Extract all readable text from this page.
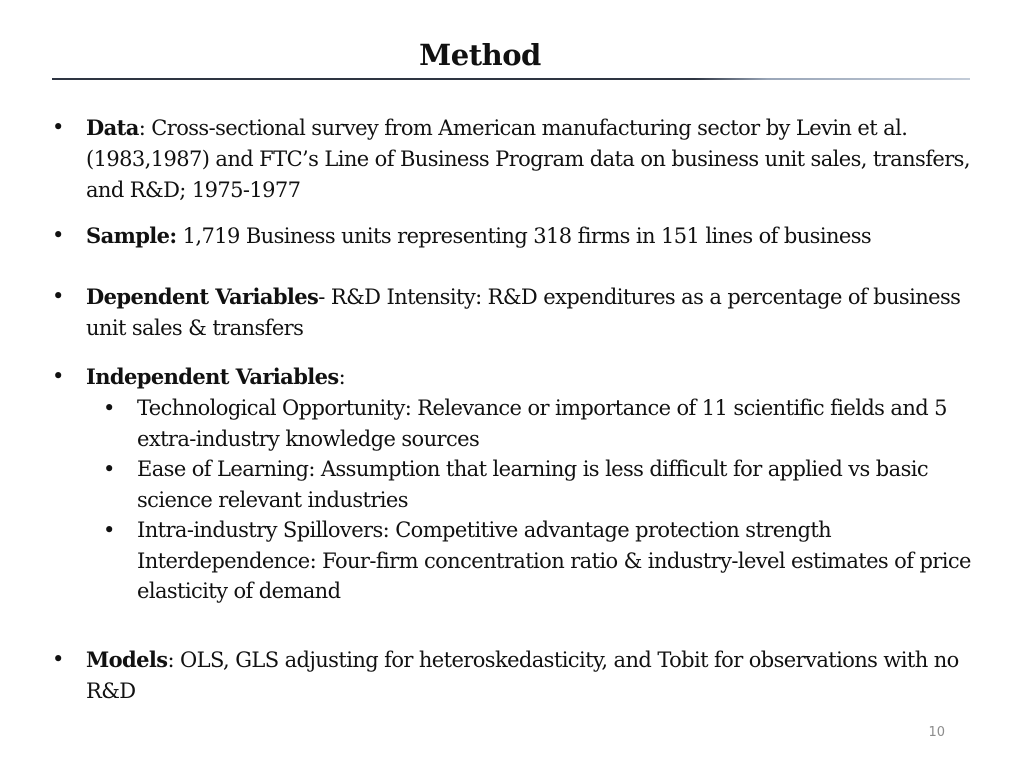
Method
• Data: Cross-sectional survey from American manufacturing sector by Levin et al. (1983,1987) and FTC’s Line of Business Program data on business unit sales, transfers, and R&D; 1975-1977
• Sample: 1,719 Business units representing 318 firms in 151 lines of business
• Dependent Variables- R&D Intensity: R&D expenditures as a percentage of business unit sales & transfers
• Independent Variables:
• Technological Opportunity: Relevance or importance of 11 scientific fields and 5 extra-industry knowledge sources
• Ease of Learning: Assumption that learning is less difficult for applied vs basic science relevant industries
• Intra-industry Spillovers: Competitive advantage protection strength Interdependence: Four-firm concentration ratio & industry-level estimates of price elasticity of demand
• Models: OLS, GLS adjusting for heteroskedasticity, and Tobit for observations with no R&D
10
